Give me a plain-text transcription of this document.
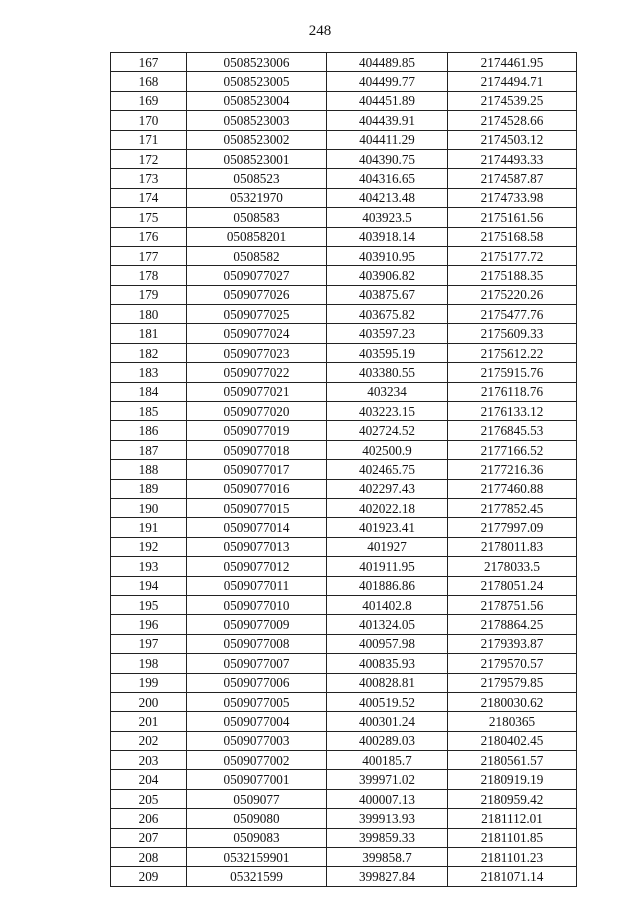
248
167	0508523006	404489.85	2174461.95
168	0508523005	404499.77	2174494.71
169	0508523004	404451.89	2174539.25
170	0508523003	404439.91	2174528.66
171	0508523002	404411.29	2174503.12
172	0508523001	404390.75	2174493.33
173	0508523	404316.65	2174587.87
174	05321970	404213.48	2174733.98
175	0508583	403923.5	2175161.56
176	050858201	403918.14	2175168.58
177	0508582	403910.95	2175177.72
178	0509077027	403906.82	2175188.35
179	0509077026	403875.67	2175220.26
180	0509077025	403675.82	2175477.76
181	0509077024	403597.23	2175609.33
182	0509077023	403595.19	2175612.22
183	0509077022	403380.55	2175915.76
184	0509077021	403234	2176118.76
185	0509077020	403223.15	2176133.12
186	0509077019	402724.52	2176845.53
187	0509077018	402500.9	2177166.52
188	0509077017	402465.75	2177216.36
189	0509077016	402297.43	2177460.88
190	0509077015	402022.18	2177852.45
191	0509077014	401923.41	2177997.09
192	0509077013	401927	2178011.83
193	0509077012	401911.95	2178033.5
194	0509077011	401886.86	2178051.24
195	0509077010	401402.8	2178751.56
196	0509077009	401324.05	2178864.25
197	0509077008	400957.98	2179393.87
198	0509077007	400835.93	2179570.57
199	0509077006	400828.81	2179579.85
200	0509077005	400519.52	2180030.62
201	0509077004	400301.24	2180365
202	0509077003	400289.03	2180402.45
203	0509077002	400185.7	2180561.57
204	0509077001	399971.02	2180919.19
205	0509077	400007.13	2180959.42
206	0509080	399913.93	2181112.01
207	0509083	399859.33	2181101.85
208	0532159901	399858.7	2181101.23
209	05321599	399827.84	2181071.14
